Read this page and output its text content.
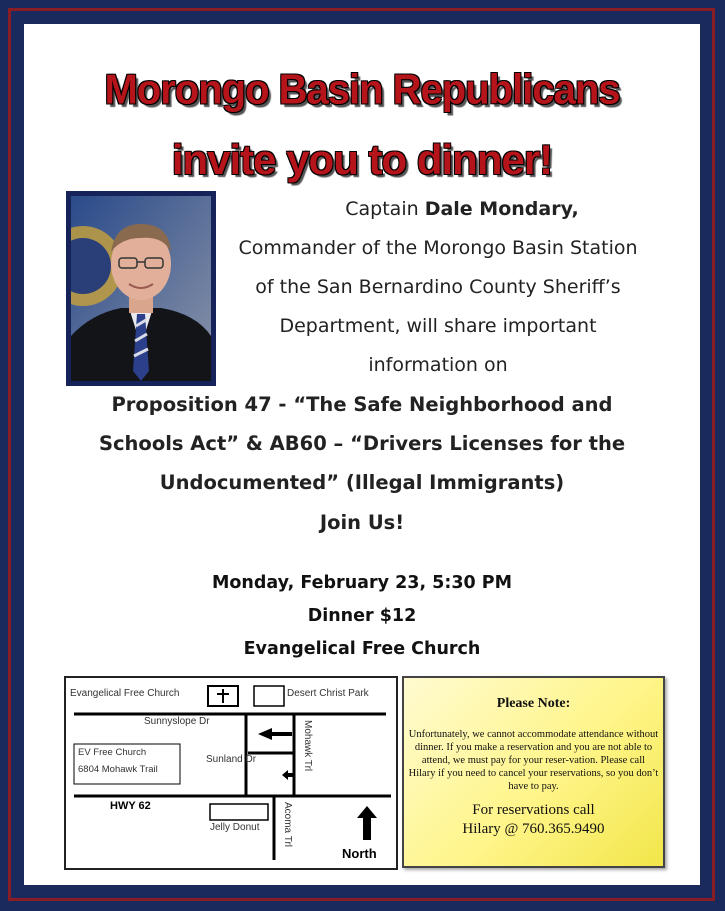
Morongo Basin Republicans
invite you to dinner!
Captain Dale Mondary,
Commander of the Morongo Basin Station
of the San Bernardino County Sheriff’s
Department, will share important
information on
Proposition 47 - “The Safe Neighborhood and
Schools Act” & AB60 – “Drivers Licenses for the
Undocumented” (Illegal Immigrants)
Join Us!
Monday, February 23, 5:30 PM
Dinner $12
Evangelical Free Church
Evangelical Free Church	Desert Christ Park
Sunnyslope Dr	Mohawk Trl
EV Free Church
6804 Mohawk Trail
Sunland Dr
HWY 62	Acoma Trl
Jelly Donut
North
Please Note:
Unfortunately, we cannot accommodate attendance without dinner. If you make a reservation and you are not able to attend, we must pay for your reser-vation. Please call Hilary if you need to cancel your reservations, so you don’t have to pay.
For reservations call
Hilary @ 760.365.9490
